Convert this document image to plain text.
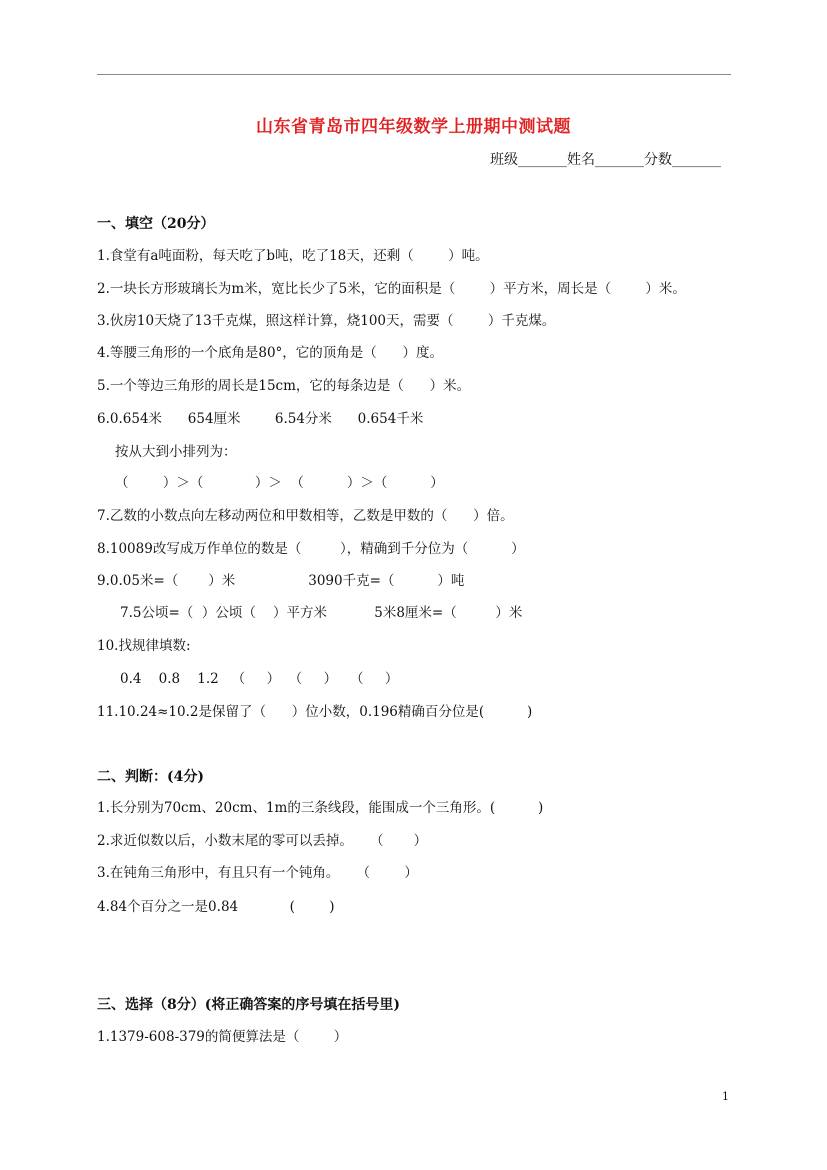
山东省青岛市四年级数学上册期中测试题
班级_______姓名_______分数_______
一、填空（20分）
1.食堂有a吨面粉，每天吃了b吨，吃了18天，还剩（        ）吨。
2.一块长方形玻璃长为m米，宽比长少了5米，它的面积是（        ）平方米，周长是（        ）米。
3.伙房10天烧了13千克煤，照这样计算，烧100天，需要（        ）千克煤。
4.等腰三角形的一个底角是80°，它的顶角是（      ）度。
5.一个等边三角形的周长是15cm，它的每条边是（      ）米。
6.0.654米      654厘米        6.54分米      0.654千米
按从大到小排列为：
（        ）＞（            ）＞  （          ）＞（          ）
7.乙数的小数点向左移动两位和甲数相等，乙数是甲数的（      ）倍。
8.10089改写成万作单位的数是（         ），精确到千分位为（          ）
9.0.05米=（       ）米                 3090千克=（          ）吨
7.5公顷=（  ）公顷（    ）平方米           5米8厘米=（         ）米
10.找规律填数:
0.4    0.8    1.2   （     ）  （     ）   （     ）
11.10.24≈10.2是保留了（      ）位小数，0.196精确百分位是(          )
二、判断：(4分)
1.长分别为70cm、20cm、1m的三条线段，能围成一个三角形。(          )
2.求近似数以后，小数末尾的零可以丢掉。    （       ）
3.在钝角三角形中，有且只有一个钝角。    （        ）
4.84个百分之一是0.84            (        )
三、选择（8分）(将正确答案的序号填在括号里)
1.1379-608-379的简便算法是（        ）
1
